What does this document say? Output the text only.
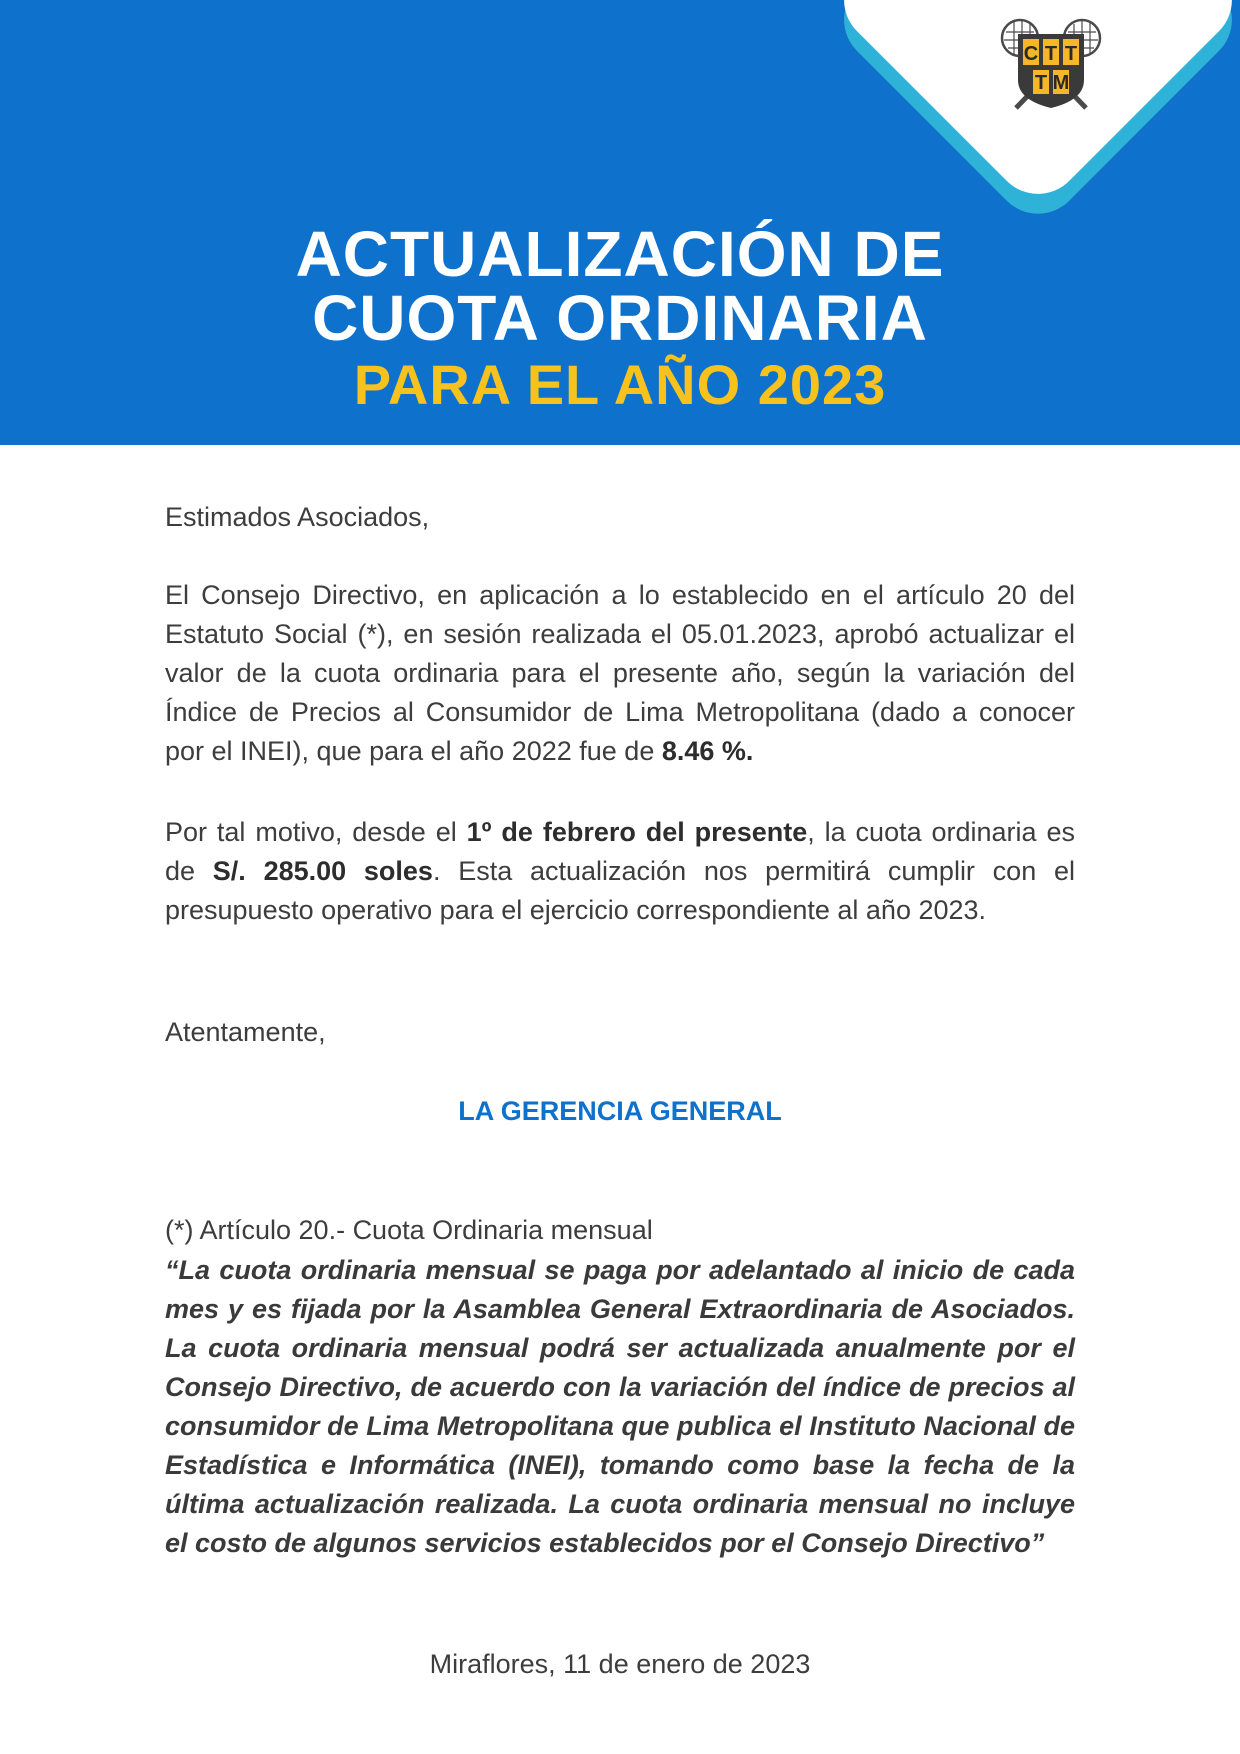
C T T
T M
ACTUALIZACIÓN DE
CUOTA ORDINARIA
PARA EL AÑO 2023
Estimados Asociados,
El Consejo Directivo, en aplicación a lo establecido en el artículo 20 del Estatuto Social (*), en sesión realizada el 05.01.2023, aprobó actualizar el valor de la cuota ordinaria para el presente año, según la variación del Índice de Precios al Consumidor de Lima Metropolitana (dado a conocer por el INEI), que para el año 2022 fue de 8.46 %.
Por tal motivo, desde el 1º de febrero del presente, la cuota ordinaria es de S/. 285.00 soles. Esta actualización nos permitirá cumplir con el presupuesto operativo para el ejercicio correspondiente al año 2023.
Atentamente,
LA GERENCIA GENERAL
(*) Artículo 20.- Cuota Ordinaria mensual
“La cuota ordinaria mensual se paga por adelantado al inicio de cada mes y es fijada por la Asamblea General Extraordinaria de Asociados. La cuota ordinaria mensual podrá ser actualizada anualmente por el Consejo Directivo, de acuerdo con la variación del índice de precios al consumidor de Lima Metropolitana que publica el Instituto Nacional de Estadística e Informática (INEI), tomando como base la fecha de la última actualización realizada. La cuota ordinaria mensual no incluye el costo de algunos servicios establecidos por el Consejo Directivo”
Miraflores, 11 de enero de 2023
